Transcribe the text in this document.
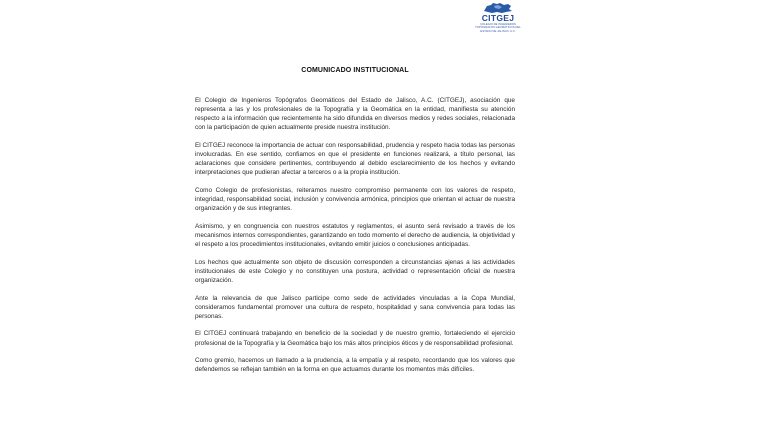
CITGEJ
COLEGIO DE INGENIEROS TOPÓGRAFOS GEOMÁTICOS DEL ESTADO DE JALISCO, A.C.
COMUNICADO INSTITUCIONAL

El Colegio de Ingenieros Topógrafos Geomáticos del Estado de Jalisco, A.C. (CITGEJ), asociación que representa a las y los profesionales de la Topografía y la Geomática en la entidad, manifiesta su atención respecto a la información que recientemente ha sido difundida en diversos medios y redes sociales, relacionada con la participación de quien actualmente preside nuestra institución.

El CITGEJ reconoce la importancia de actuar con responsabilidad, prudencia y respeto hacia todas las personas involucradas. En ese sentido, confiamos en que el presidente en funciones realizará, a título personal, las aclaraciones que considere pertinentes, contribuyendo al debido esclarecimiento de los hechos y evitando interpretaciones que pudieran afectar a terceros o a la propia institución.

Como Colegio de profesionistas, reiteramos nuestro compromiso permanente con los valores de respeto, integridad, responsabilidad social, inclusión y convivencia armónica, principios que orientan el actuar de nuestra organización y de sus integrantes.

Asimismo, y en congruencia con nuestros estatutos y reglamentos, el asunto será revisado a través de los mecanismos internos correspondientes, garantizando en todo momento el derecho de audiencia, la objetividad y el respeto a los procedimientos institucionales, evitando emitir juicios o conclusiones anticipadas.

Los hechos que actualmente son objeto de discusión corresponden a circunstancias ajenas a las actividades institucionales de este Colegio y no constituyen una postura, actividad o representación oficial de nuestra organización.

Ante la relevancia de que Jalisco participe como sede de actividades vinculadas a la Copa Mundial, consideramos fundamental promover una cultura de respeto, hospitalidad y sana convivencia para todas las personas.

El CITGEJ continuará trabajando en beneficio de la sociedad y de nuestro gremio, fortaleciendo el ejercicio profesional de la Topografía y la Geomática bajo los más altos principios éticos y de responsabilidad profesional.

Como gremio, hacemos un llamado a la prudencia, a la empatía y al respeto, recordando que los valores que defendemos se reflejan también en la forma en que actuamos durante los momentos más difíciles.
